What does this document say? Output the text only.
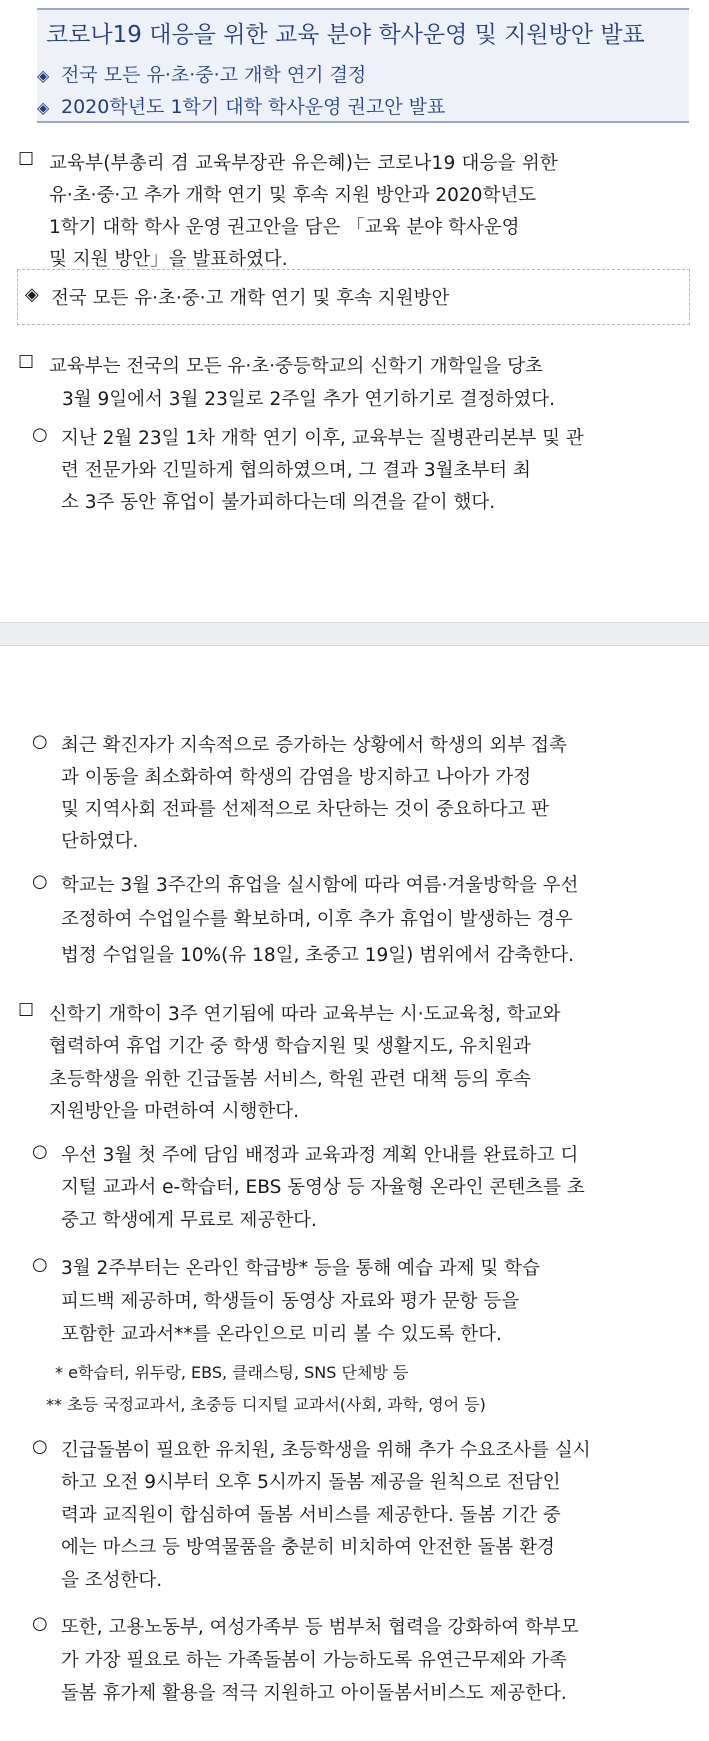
코로나19 대응을 위한 교육 분야 학사운영 및 지원방안 발표
◈ 전국 모든 유·초·중·고 개학 연기 결정
◈ 2020학년도 1학기 대학 학사운영 권고안 발표
☐ 교육부(부총리 겸 교육부장관 유은혜)는 코로나19 대응을 위한
유·초·중·고 추가 개학 연기 및 후속 지원 방안과 2020학년도
1학기 대학 학사 운영 권고안을 담은 「교육 분야 학사운영
및 지원 방안」을 발표하였다.
◈ 전국 모든 유·초·중·고 개학 연기 및 후속 지원방안
☐ 교육부는 전국의 모든 유·초·중등학교의 신학기 개학일을 당초
3월 9일에서 3월 23일로 2주일 추가 연기하기로 결정하였다.
○ 지난 2월 23일 1차 개학 연기 이후, 교육부는 질병관리본부 및 관
련 전문가와 긴밀하게 협의하였으며, 그 결과 3월초부터 최
소 3주 동안 휴업이 불가피하다는데 의견을 같이 했다.
○ 최근 확진자가 지속적으로 증가하는 상황에서 학생의 외부 접촉
과 이동을 최소화하여 학생의 감염을 방지하고 나아가 가정
및 지역사회 전파를 선제적으로 차단하는 것이 중요하다고 판
단하였다.
○ 학교는 3월 3주간의 휴업을 실시함에 따라 여름·겨울방학을 우선
조정하여 수업일수를 확보하며, 이후 추가 휴업이 발생하는 경우
법정 수업일을 10%(유 18일, 초중고 19일) 범위에서 감축한다.
☐ 신학기 개학이 3주 연기됨에 따라 교육부는 시·도교육청, 학교와
협력하여 휴업 기간 중 학생 학습지원 및 생활지도, 유치원과
초등학생을 위한 긴급돌봄 서비스, 학원 관련 대책 등의 후속
지원방안을 마련하여 시행한다.
○ 우선 3월 첫 주에 담임 배정과 교육과정 계획 안내를 완료하고 디
지털 교과서 e-학습터, EBS 동영상 등 자율형 온라인 콘텐츠를 초
중고 학생에게 무료로 제공한다.
○ 3월 2주부터는 온라인 학급방* 등을 통해 예습 과제 및 학습
피드백 제공하며, 학생들이 동영상 자료와 평가 문항 등을
포함한 교과서**를 온라인으로 미리 볼 수 있도록 한다.
* e학습터, 위두랑, EBS, 클래스팅, SNS 단체방 등
** 초등 국정교과서, 초중등 디지털 교과서(사회, 과학, 영어 등)
○ 긴급돌봄이 필요한 유치원, 초등학생을 위해 추가 수요조사를 실시
하고 오전 9시부터 오후 5시까지 돌봄 제공을 원칙으로 전담인
력과 교직원이 합심하여 돌봄 서비스를 제공한다. 돌봄 기간 중
에는 마스크 등 방역물품을 충분히 비치하여 안전한 돌봄 환경
을 조성한다.
○ 또한, 고용노동부, 여성가족부 등 범부처 협력을 강화하여 학부모
가 가장 필요로 하는 가족돌봄이 가능하도록 유연근무제와 가족
돌봄 휴가제 활용을 적극 지원하고 아이돌봄서비스도 제공한다.
